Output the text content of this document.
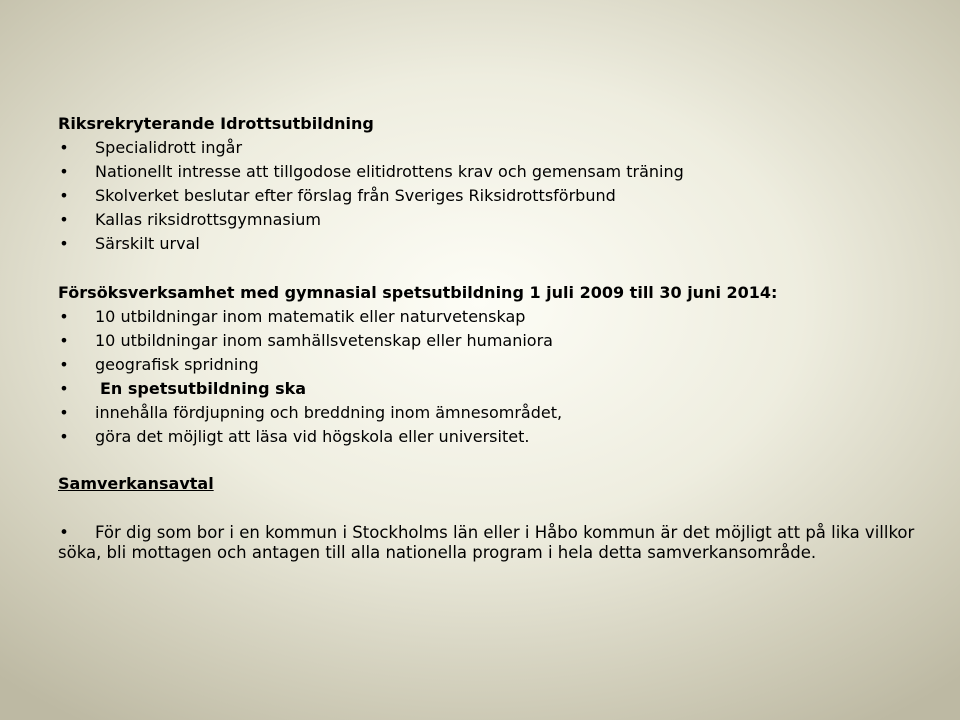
Riksrekryterande Idrottsutbildning
• Specialidrott ingår
• Nationellt intresse att tillgodose elitidrottens krav och gemensam träning
• Skolverket beslutar efter förslag från Sveriges Riksidrottsförbund
• Kallas riksidrottsgymnasium
• Särskilt urval
Försöksverksamhet med gymnasial spetsutbildning 1 juli 2009 till 30 juni 2014:
• 10 utbildningar inom matematik eller naturvetenskap
• 10 utbildningar inom samhällsvetenskap eller humaniora
• geografisk spridning
• En spetsutbildning ska
• innehålla fördjupning och breddning inom ämnesområdet,
• göra det möjligt att läsa vid högskola eller universitet.
Samverkansavtal
• För dig som bor i en kommun i Stockholms län eller i Håbo kommun är det möjligt att på lika villkor söka, bli mottagen och antagen till alla nationella program i hela detta samverkansområde.
